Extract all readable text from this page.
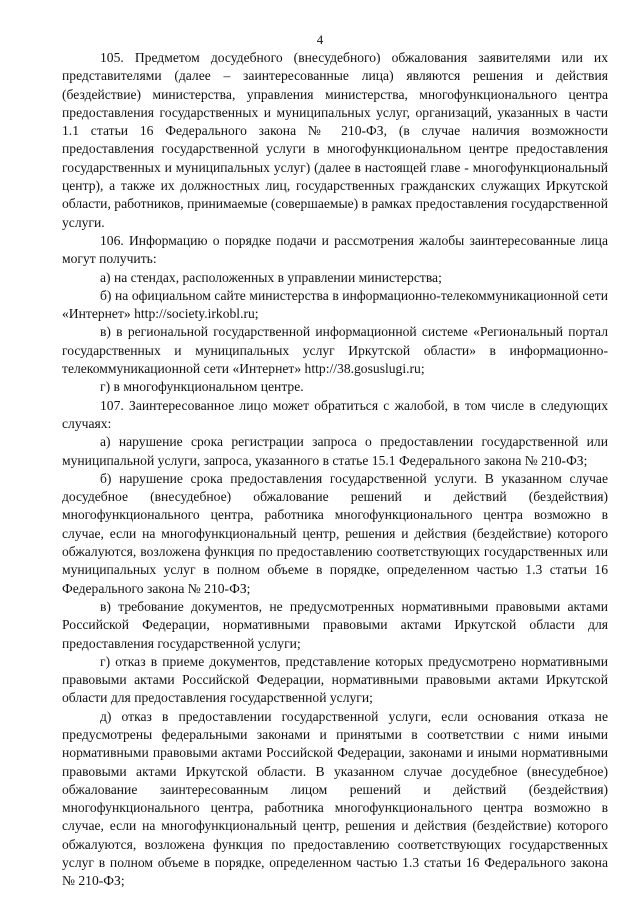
4

105. Предметом досудебного (внесудебного) обжалования заявителями или их представителями (далее – заинтересованные лица) являются решения и действия (бездействие) министерства, управления министерства, многофункционального центра предоставления государственных и муниципальных услуг, организаций, указанных в части 1.1 статьи 16 Федерального закона № 210-ФЗ, (в случае наличия возможности предоставления государственной услуги в многофункциональном центре предоставления государственных и муниципальных услуг) (далее в настоящей главе - многофункциональный центр), а также их должностных лиц, государственных гражданских служащих Иркутской области, работников, принимаемые (совершаемые) в рамках предоставления государственной услуги.

106. Информацию о порядке подачи и рассмотрения жалобы заинтересованные лица могут получить:

а) на стендах, расположенных в управлении министерства;

б) на официальном сайте министерства в информационно-телекоммуникационной сети «Интернет» http://society.irkobl.ru;

в) в региональной государственной информационной системе «Региональный портал государственных и муниципальных услуг Иркутской области» в информационно-телекоммуникационной сети «Интернет» http://38.gosuslugi.ru;

г) в многофункциональном центре.

107. Заинтересованное лицо может обратиться с жалобой, в том числе в следующих случаях:

а) нарушение срока регистрации запроса о предоставлении государственной или муниципальной услуги, запроса, указанного в статье 15.1 Федерального закона № 210-ФЗ;

б) нарушение срока предоставления государственной услуги. В указанном случае досудебное (внесудебное) обжалование решений и действий (бездействия) многофункционального центра, работника многофункционального центра возможно в случае, если на многофункциональный центр, решения и действия (бездействие) которого обжалуются, возложена функция по предоставлению соответствующих государственных или муниципальных услуг в полном объеме в порядке, определенном частью 1.3 статьи 16 Федерального закона № 210-ФЗ;

в) требование документов, не предусмотренных нормативными правовыми актами Российской Федерации, нормативными правовыми актами Иркутской области для предоставления государственной услуги;

г) отказ в приеме документов, представление которых предусмотрено нормативными правовыми актами Российской Федерации, нормативными правовыми актами Иркутской области для предоставления государственной услуги;

д) отказ в предоставлении государственной услуги, если основания отказа не предусмотрены федеральными законами и принятыми в соответствии с ними иными нормативными правовыми актами Российской Федерации, законами и иными нормативными правовыми актами Иркутской области. В указанном случае досудебное (внесудебное) обжалование заинтересованным лицом решений и действий (бездействия) многофункционального центра, работника многофункционального центра возможно в случае, если на многофункциональный центр, решения и действия (бездействие) которого обжалуются, возложена функция по предоставлению соответствующих государственных услуг в полном объеме в порядке, определенном частью 1.3 статьи 16 Федерального закона № 210-ФЗ;
